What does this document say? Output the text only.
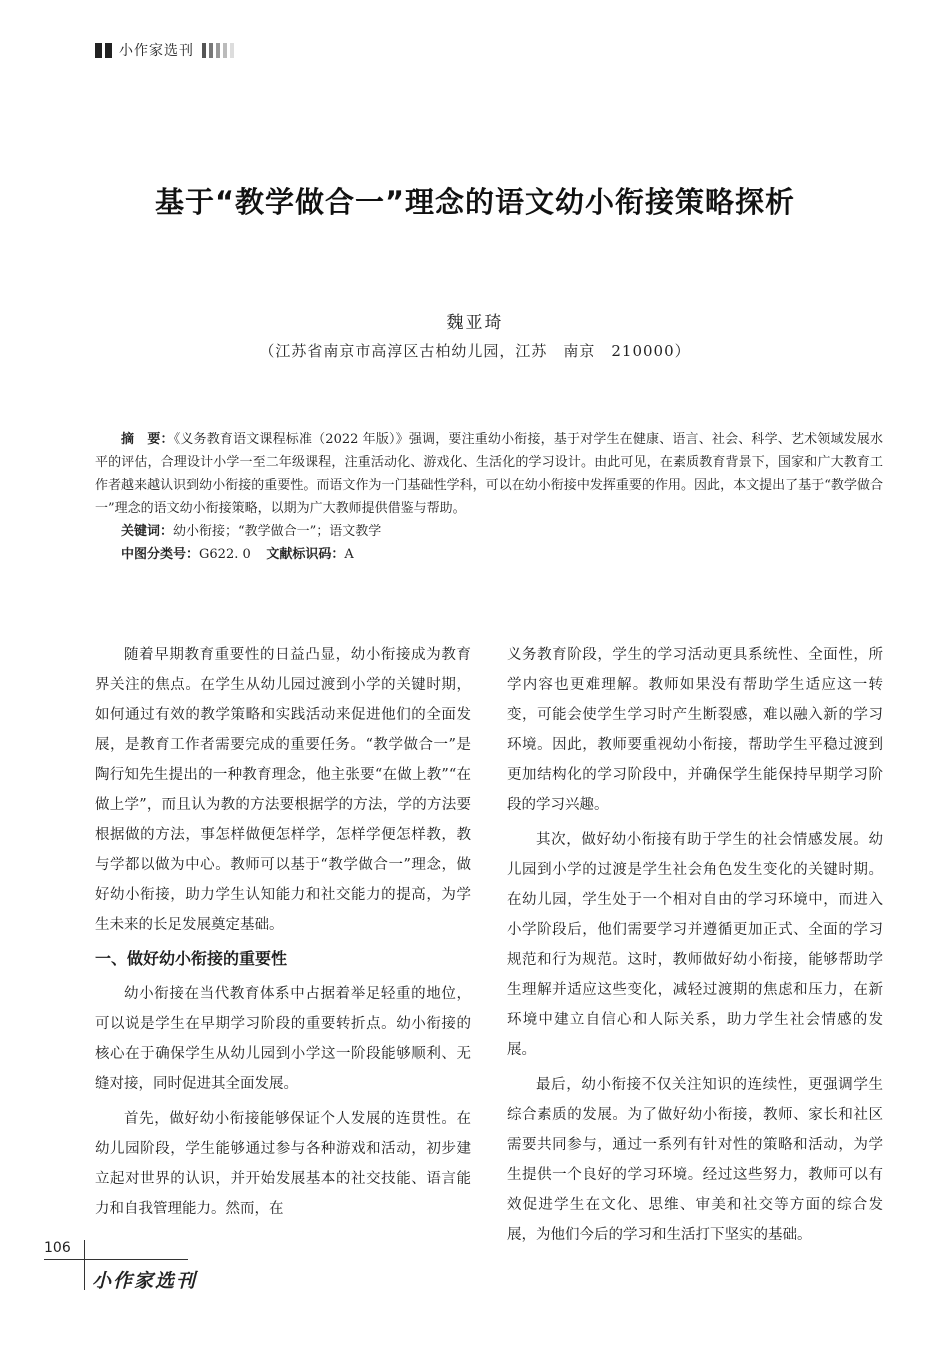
小作家选刊
基于“教学做合一”理念的语文幼小衔接策略探析
魏亚琦
（江苏省南京市高淳区古柏幼儿园，江苏　南京　210000）

摘　要：《义务教育语文课程标准（2022 年版）》强调，要注重幼小衔接，基于对学生在健康、语言、社会、科学、艺术领域发展水平的评估，合理设计小学一至二年级课程，注重活动化、游戏化、生活化的学习设计。由此可见，在素质教育背景下，国家和广大教育工作者越来越认识到幼小衔接的重要性。而语文作为一门基础性学科，可以在幼小衔接中发挥重要的作用。因此，本文提出了基于“教学做合一”理念的语文幼小衔接策略，以期为广大教师提供借鉴与帮助。

关键词：幼小衔接；“教学做合一”；语文教学

中图分类号：G622. 0 文献标识码：A

随着早期教育重要性的日益凸显，幼小衔接成为教育界关注的焦点。在学生从幼儿园过渡到小学的关键时期，如何通过有效的教学策略和实践活动来促进他们的全面发展，是教育工作者需要完成的重要任务。“教学做合一”是陶行知先生提出的一种教育理念，他主张要“在做上教”“在做上学”，而且认为教的方法要根据学的方法，学的方法要根据做的方法，事怎样做便怎样学，怎样学便怎样教，教与学都以做为中心。教师可以基于“教学做合一”理念，做好幼小衔接，助力学生认知能力和社交能力的提高，为学生未来的长足发展奠定基础。

一、做好幼小衔接的重要性

幼小衔接在当代教育体系中占据着举足轻重的地位，可以说是学生在早期学习阶段的重要转折点。幼小衔接的核心在于确保学生从幼儿园到小学这一阶段能够顺利、无缝对接，同时促进其全面发展。

首先，做好幼小衔接能够保证个人发展的连贯性。在幼儿园阶段，学生能够通过参与各种游戏和活动，初步建立起对世界的认识，并开始发展基本的社交技能、语言能力和自我管理能力。然而，在

义务教育阶段，学生的学习活动更具系统性、全面性，所学内容也更难理解。教师如果没有帮助学生适应这一转变，可能会使学生学习时产生断裂感，难以融入新的学习环境。因此，教师要重视幼小衔接，帮助学生平稳过渡到更加结构化的学习阶段中，并确保学生能保持早期学习阶段的学习兴趣。

其次，做好幼小衔接有助于学生的社会情感发展。幼儿园到小学的过渡是学生社会角色发生变化的关键时期。在幼儿园，学生处于一个相对自由的学习环境中，而进入小学阶段后，他们需要学习并遵循更加正式、全面的学习规范和行为规范。这时，教师做好幼小衔接，能够帮助学生理解并适应这些变化，减轻过渡期的焦虑和压力，在新环境中建立自信心和人际关系，助力学生社会情感的发展。

最后，幼小衔接不仅关注知识的连续性，更强调学生综合素质的发展。为了做好幼小衔接，教师、家长和社区需要共同参与，通过一系列有针对性的策略和活动，为学生提供一个良好的学习环境。经过这些努力，教师可以有效促进学生在文化、思维、审美和社交等方面的综合发展，为他们今后的学习和生活打下坚实的基础。

106
小作家选刊
